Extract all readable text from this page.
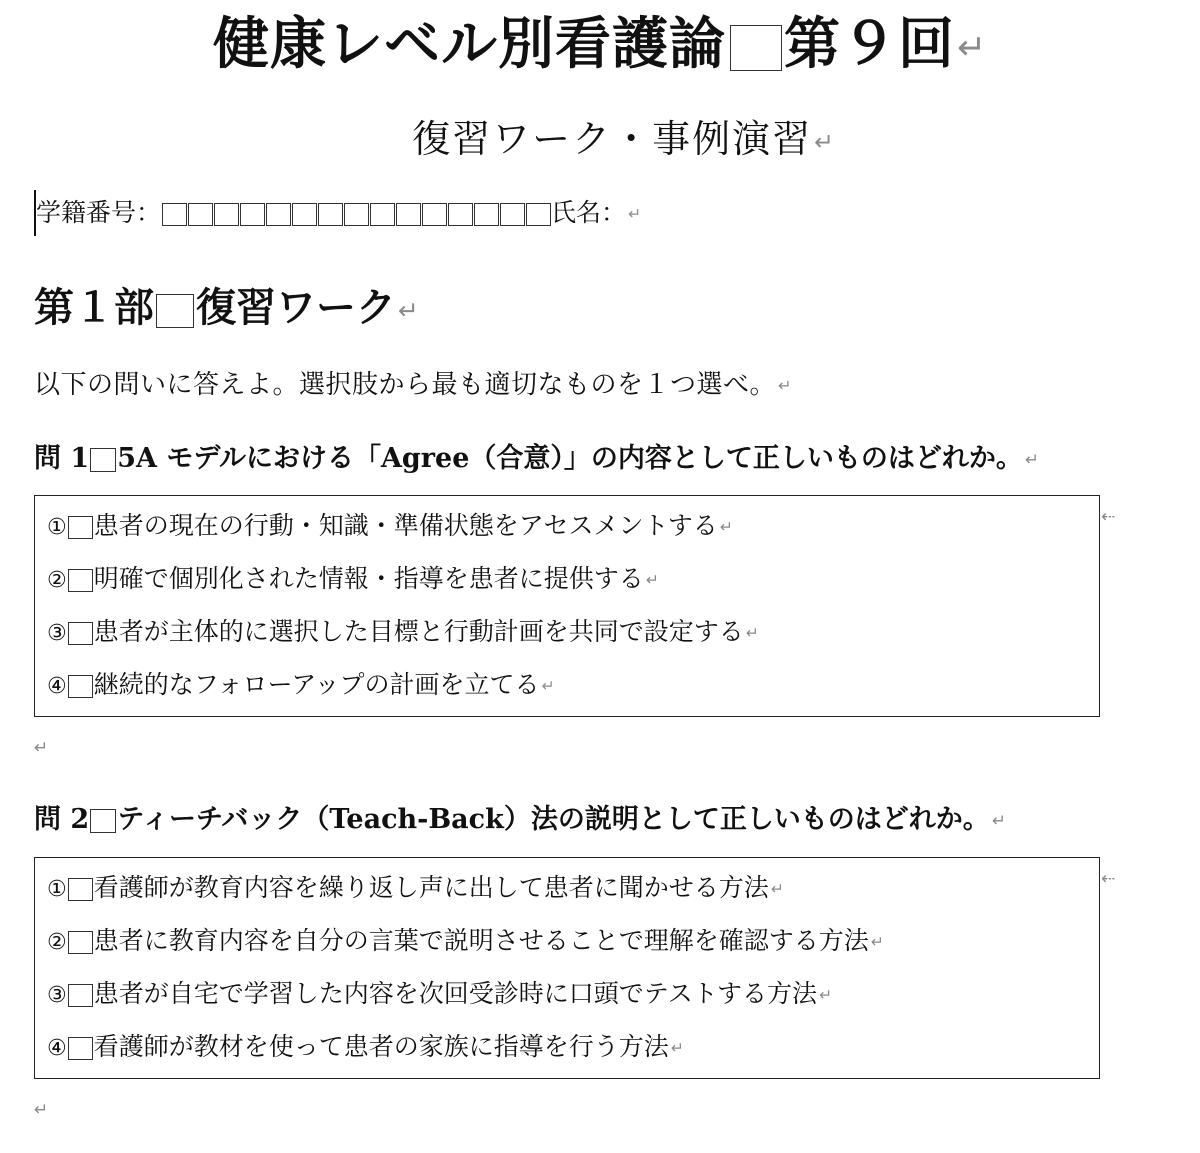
健康レベル別看護論 第９回↵
復習ワーク・事例演習↵
学籍番号：	氏名： ↵
第１部 復習ワーク↵
以下の問いに答えよ。選択肢から最も適切なものを１つ選べ。 ↵
問 1 5A モデルにおける「Agree（合意）」の内容として正しいものはどれか。 ↵
① 患者の現在の行動・知識・準備状態をアセスメントする ↵
② 明確で個別化された情報・指導を患者に提供する ↵
③ 患者が主体的に選択した目標と行動計画を共同で設定する ↵
④ 継続的なフォローアップの計画を立てる ↵
⇠
↵
問 2 ティーチバック（Teach-Back）法の説明として正しいものはどれか。 ↵
① 看護師が教育内容を繰り返し声に出して患者に聞かせる方法 ↵
② 患者に教育内容を自分の言葉で説明させることで理解を確認する方法 ↵
③ 患者が自宅で学習した内容を次回受診時に口頭でテストする方法 ↵
④ 看護師が教材を使って患者の家族に指導を行う方法 ↵
⇠
↵
